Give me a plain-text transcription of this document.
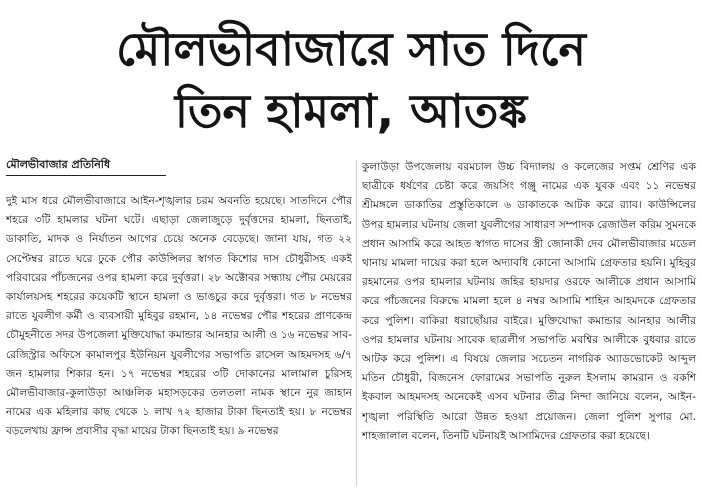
মৌলভীবাজারে সাত দিনে
তিন হামলা, আতঙ্ক
মৌলভীবাজার প্রতিনিধি
দুই মাস ধরে মৌলভীবাজারে আইন-শৃঙ্খলার চরম অবনতি হয়েছে। সাতদিনে পৌর শহরে ৩টি হামলার ঘটনা ঘটে। এছাড়া জেলাজুড়ে দুর্বৃত্তদের হামলা, ছিনতাই, ডাকাতি, মাদক ও নির্যাতন আগের চেয়ে অনেক বেড়েছে। জানা যায়, গত ২২ সেপ্টেম্বর রাতে ঘরে ঢুকে পৌর কাউন্সিলর স্বাগত কিশোর দাস চৌধুরীসহ একই পরিবারের পাঁচজনের ওপর হামলা করে দুর্বৃত্তরা। ২৮ অক্টোবর সন্ধ্যায় পৌর মেয়রের কার্যালয়সহ শহরের কয়েকটি স্থানে হামলা ও ভাঙচুর করে দুর্বৃত্তরা। গত ৮ নভেম্বর রাতে যুবলীগ কর্মী ও ব্যবসায়ী মুহিবুর রহমান, ১৪ নভেম্বর পৌর শহরের প্রাণকেন্দ্র চৌমুহনীতে সদর উপজেলা মুক্তিযোদ্ধা কমান্ডার আনহার আলী ও ১৬ নভেম্বর সাব-রেজিস্ট্রার অফিসে কামালপুর ইউনিয়ন যুবলীগের সভাপতি রাসেল আহমদসহ ৬/৭ জন হামলার শিকার হন। ১৭ নভেম্বর শহরের ৩টি দোকানের মালামাল চুরিসহ মৌলভীবাজার-কুলাউড়া আঞ্চলিক মহাসড়কের তলতলা নামক স্থানে নুর জাহান নামের এক মহিলার কাছ থেকে ১ লাখ ৭২ হাজার টাকা ছিনতাই হয়। ৮ নভেম্বর বড়লেখায় ফ্রান্স প্রবাসীর বৃদ্ধা মায়ের টাকা ছিনতাই হয়। ৯ নভেম্বর
কুলাউড়া উপজেলায় বরমচাল উচ্চ বিদ্যালয় ও কলেজের সপ্তম শ্রেণির এক ছাত্রীকে ধর্ষণের চেষ্টা করে জয়সিং গঞ্জু নামের এক যুবক এবং ১১ নভেম্বর শ্রীমঙ্গলে ডাকাতির প্রস্তুতিকালে ৬ ডাকাতকে আটক করে র‌্যাব। কাউন্সিলের উপর হামলার ঘটনায় জেলা যুবলীগের সাধারণ সম্পাদক রেজাউল করিম সুমনকে প্রধান আসামি করে আহত স্বাগত দাসের স্ত্রী জোনাকী দেব মৌলভীবাজার মডেল থানায় মামলা দায়ের করা হলে অদ্যাবধি কোনো আসামি গ্রেফতার হয়নি। মুহিবুর রহমানের ওপর হামলার ঘটনায় জহির হায়দার ওরফে আলীকে প্রধান আসামি করে পাঁচজনের বিরুদ্ধে মামলা হলে ৪ নম্বর আসামি শাহিন আহমদকে গ্রেফতার করে পুলিশ। বাকিরা ধরাছোঁয়ার বাইরে। মুক্তিযোদ্ধা কমান্ডার আনহার আলীর ওপর হামলার ঘটনায় সাবেক ছাত্রলীগ সভাপতি মবশ্বির আলীকে বুধবার রাতে আটক করে পুলিশ। এ বিষয়ে জেলার সচেতন নাগরিক অ্যাডভোকেট আব্দুল মতিন চৌধুরী, বিজনেস ফোরামের সভাপতি নুরুল ইসলাম কামরান ও বকশি ইকবাল আহমদসহ অনেকেই এসব ঘটনার তীব্র নিন্দা জানিয়ে বলেন, আইন-শৃঙ্খলা পরিস্থিতি আরো উন্নত হওয়া প্রয়োজন। জেলা পুলিশ সুপার মো. শাহজালাল বলেন, তিনটি ঘটনায়ই আসামিদের গ্রেফতার করা হয়েছে।
